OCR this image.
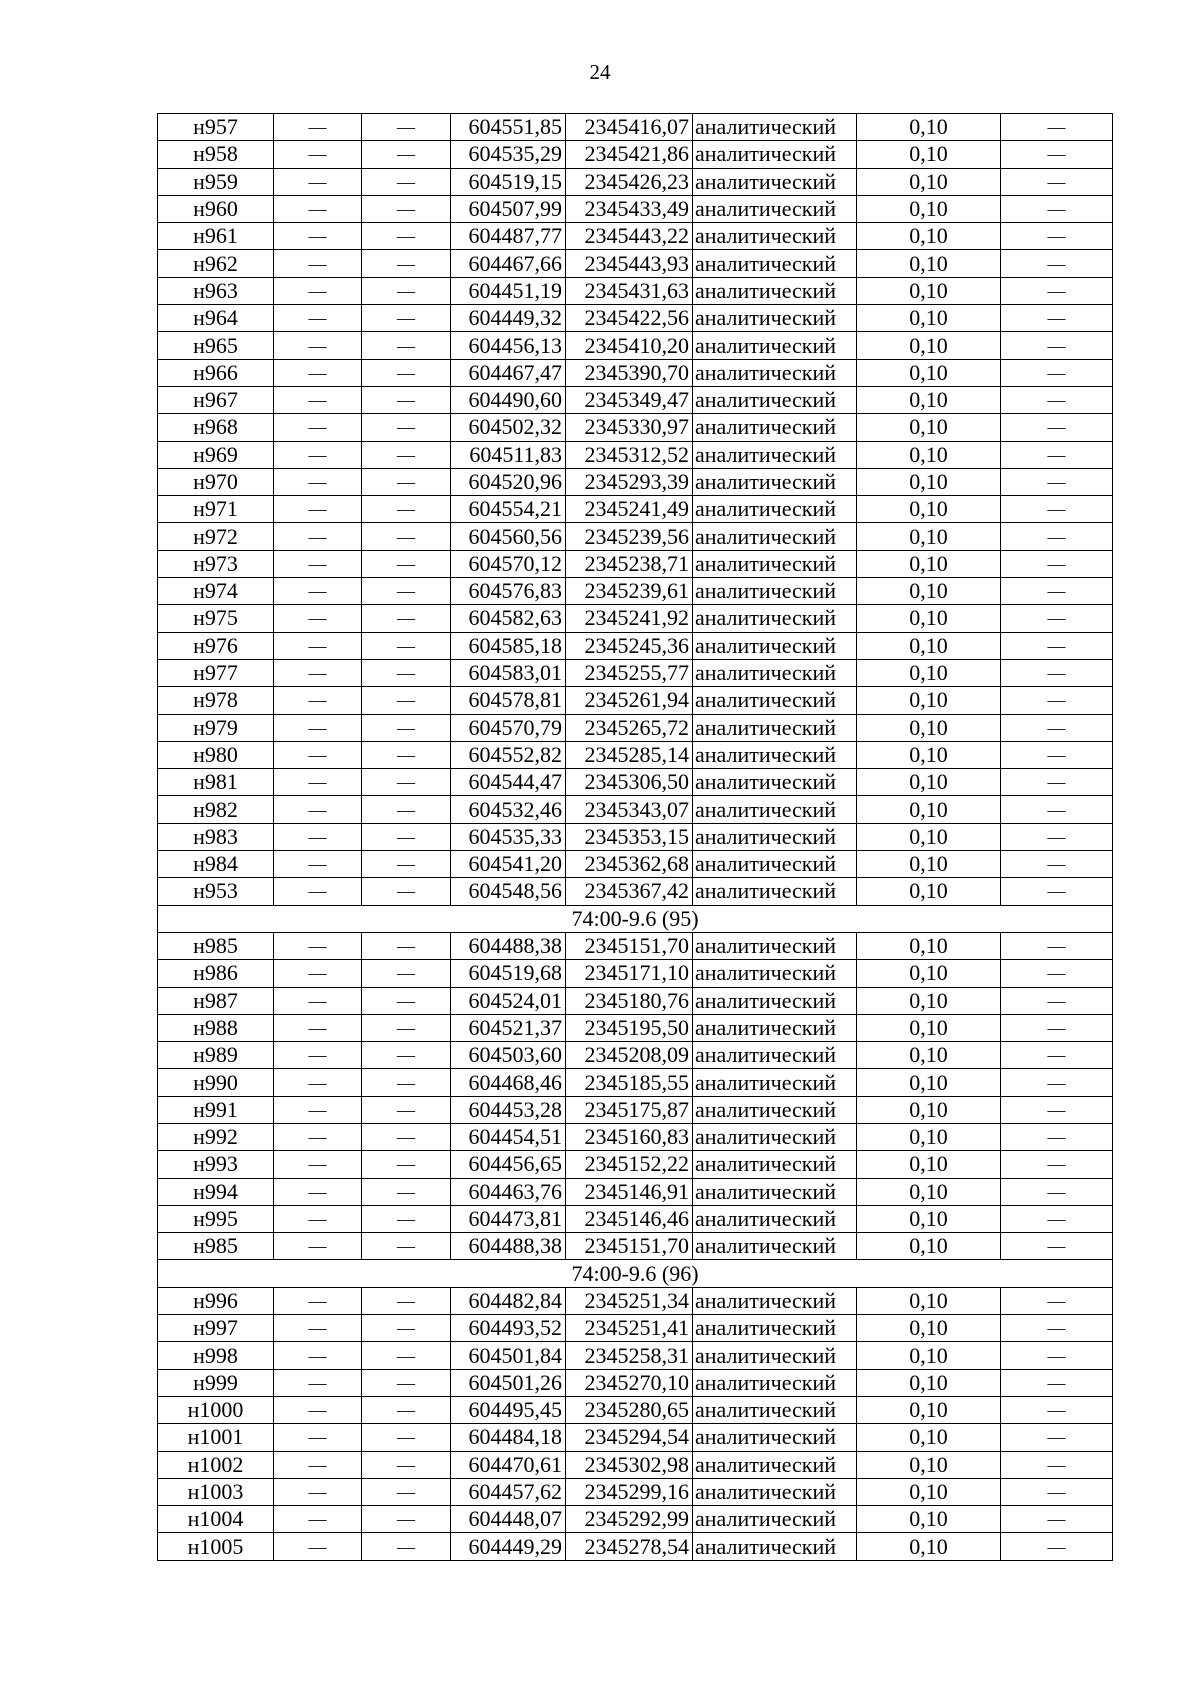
24
н957	—	—	604551,85	2345416,07	аналитический	0,10	—
н958	—	—	604535,29	2345421,86	аналитический	0,10	—
н959	—	—	604519,15	2345426,23	аналитический	0,10	—
н960	—	—	604507,99	2345433,49	аналитический	0,10	—
н961	—	—	604487,77	2345443,22	аналитический	0,10	—
н962	—	—	604467,66	2345443,93	аналитический	0,10	—
н963	—	—	604451,19	2345431,63	аналитический	0,10	—
н964	—	—	604449,32	2345422,56	аналитический	0,10	—
н965	—	—	604456,13	2345410,20	аналитический	0,10	—
н966	—	—	604467,47	2345390,70	аналитический	0,10	—
н967	—	—	604490,60	2345349,47	аналитический	0,10	—
н968	—	—	604502,32	2345330,97	аналитический	0,10	—
н969	—	—	604511,83	2345312,52	аналитический	0,10	—
н970	—	—	604520,96	2345293,39	аналитический	0,10	—
н971	—	—	604554,21	2345241,49	аналитический	0,10	—
н972	—	—	604560,56	2345239,56	аналитический	0,10	—
н973	—	—	604570,12	2345238,71	аналитический	0,10	—
н974	—	—	604576,83	2345239,61	аналитический	0,10	—
н975	—	—	604582,63	2345241,92	аналитический	0,10	—
н976	—	—	604585,18	2345245,36	аналитический	0,10	—
н977	—	—	604583,01	2345255,77	аналитический	0,10	—
н978	—	—	604578,81	2345261,94	аналитический	0,10	—
н979	—	—	604570,79	2345265,72	аналитический	0,10	—
н980	—	—	604552,82	2345285,14	аналитический	0,10	—
н981	—	—	604544,47	2345306,50	аналитический	0,10	—
н982	—	—	604532,46	2345343,07	аналитический	0,10	—
н983	—	—	604535,33	2345353,15	аналитический	0,10	—
н984	—	—	604541,20	2345362,68	аналитический	0,10	—
н953	—	—	604548,56	2345367,42	аналитический	0,10	—
74:00-9.6 (95)							
н985	—	—	604488,38	2345151,70	аналитический	0,10	—
н986	—	—	604519,68	2345171,10	аналитический	0,10	—
н987	—	—	604524,01	2345180,76	аналитический	0,10	—
н988	—	—	604521,37	2345195,50	аналитический	0,10	—
н989	—	—	604503,60	2345208,09	аналитический	0,10	—
н990	—	—	604468,46	2345185,55	аналитический	0,10	—
н991	—	—	604453,28	2345175,87	аналитический	0,10	—
н992	—	—	604454,51	2345160,83	аналитический	0,10	—
н993	—	—	604456,65	2345152,22	аналитический	0,10	—
н994	—	—	604463,76	2345146,91	аналитический	0,10	—
н995	—	—	604473,81	2345146,46	аналитический	0,10	—
н985	—	—	604488,38	2345151,70	аналитический	0,10	—
74:00-9.6 (96)							
н996	—	—	604482,84	2345251,34	аналитический	0,10	—
н997	—	—	604493,52	2345251,41	аналитический	0,10	—
н998	—	—	604501,84	2345258,31	аналитический	0,10	—
н999	—	—	604501,26	2345270,10	аналитический	0,10	—
н1000	—	—	604495,45	2345280,65	аналитический	0,10	—
н1001	—	—	604484,18	2345294,54	аналитический	0,10	—
н1002	—	—	604470,61	2345302,98	аналитический	0,10	—
н1003	—	—	604457,62	2345299,16	аналитический	0,10	—
н1004	—	—	604448,07	2345292,99	аналитический	0,10	—
н1005	—	—	604449,29	2345278,54	аналитический	0,10	—
